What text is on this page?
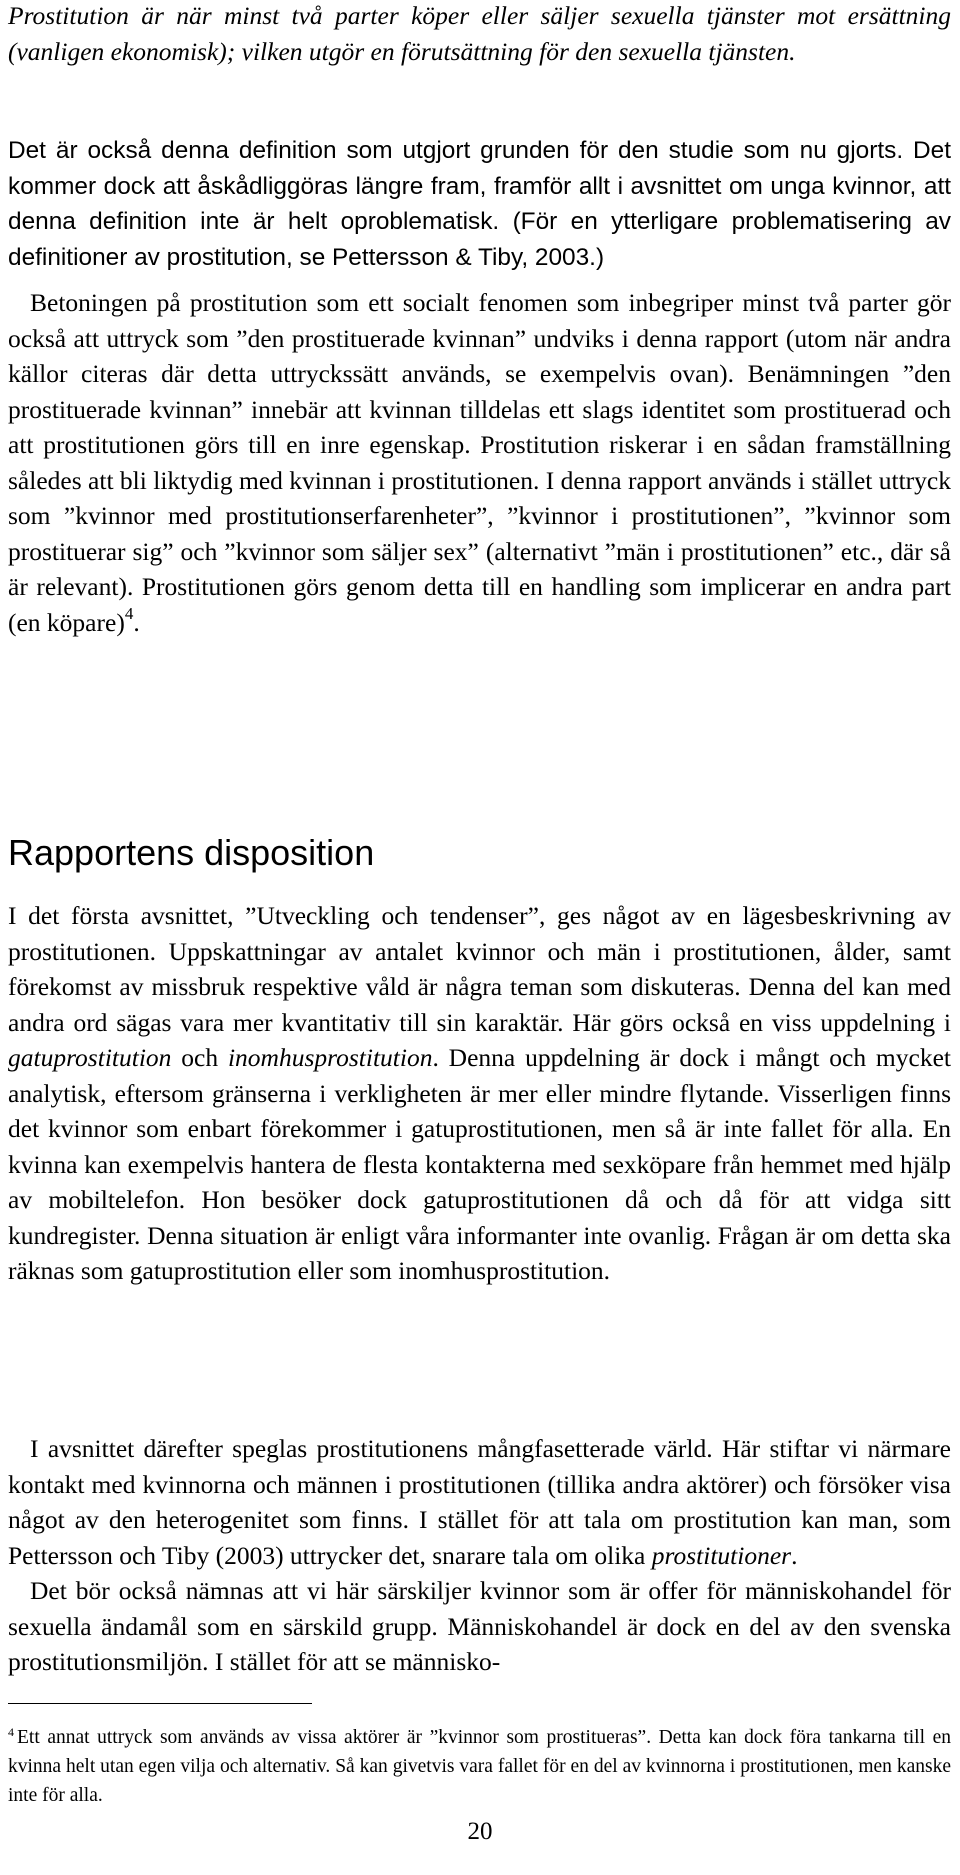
Prostitution är när minst två parter köper eller säljer sexuella tjänster mot ersättning (vanligen ekonomisk); vilken utgör en förutsättning för den sexuella tjänsten.

Det är också denna definition som utgjort grunden för den studie som nu gjorts. Det kommer dock att åskådliggöras längre fram, framför allt i avsnittet om unga kvinnor, att denna definition inte är helt oproblematisk. (För en ytterligare problematisering av definitioner av prostitution, se Pettersson & Tiby, 2003.)

Betoningen på prostitution som ett socialt fenomen som inbegriper minst två parter gör också att uttryck som ”den prostituerade kvinnan” undviks i denna rapport (utom när andra källor citeras där detta uttryckssätt används, se exempelvis ovan). Benämningen ”den prostituerade kvinnan” innebär att kvinnan tilldelas ett slags identitet som prostituerad och att prostitutionen görs till en inre egenskap. Prostitution riskerar i en sådan framställning således att bli liktydig med kvinnan i prostitutionen. I denna rapport används i stället uttryck som ”kvinnor med prostitutionserfarenheter”, ”kvinnor i prostitutionen”, ”kvinnor som prostituerar sig” och ”kvinnor som säljer sex” (alternativt ”män i prostitutionen” etc., där så är relevant). Prostitutionen görs genom detta till en handling som implicerar en andra part (en köpare)$^4$.

Rapportens disposition

I det första avsnittet, ”Utveckling och tendenser”, ges något av en lägesbeskrivning av prostitutionen. Uppskattningar av antalet kvinnor och män i prostitutionen, ålder, samt förekomst av missbruk respektive våld är några teman som diskuteras. Denna del kan med andra ord sägas vara mer kvantitativ till sin karaktär. Här görs också en viss uppdelning i gatuprostitution och inomhusprostitution. Denna uppdelning är dock i mångt och mycket analytisk, eftersom gränserna i verkligheten är mer eller mindre flytande. Visserligen finns det kvinnor som enbart förekommer i gatuprostitutionen, men så är inte fallet för alla. En kvinna kan exempelvis hantera de flesta kontakterna med sexköpare från hemmet med hjälp av mobiltelefon. Hon besöker dock gatuprostitutionen då och då för att vidga sitt kundregister. Denna situation är enligt våra informanter inte ovanlig. Frågan är om detta ska räknas som gatuprostitution eller som inomhusprostitution.

I avsnittet därefter speglas prostitutionens mångfasetterade värld. Här stiftar vi närmare kontakt med kvinnorna och männen i prostitutionen (tillika andra aktörer) och försöker visa något av den heterogenitet som finns. I stället för att tala om prostitution kan man, som Pettersson och Tiby (2003) uttrycker det, snarare tala om olika prostitutioner.

Det bör också nämnas att vi här särskiljer kvinnor som är offer för människohandel för sexuella ändamål som en särskild grupp. Människohandel är dock en del av den svenska prostitutionsmiljön. I stället för att se människo-

$^4$ Ett annat uttryck som används av vissa aktörer är ”kvinnor som prostitueras”. Detta kan dock föra tankarna till en kvinna helt utan egen vilja och alternativ. Så kan givetvis vara fallet för en del av kvinnorna i prostitutionen, men kanske inte för alla.

20
